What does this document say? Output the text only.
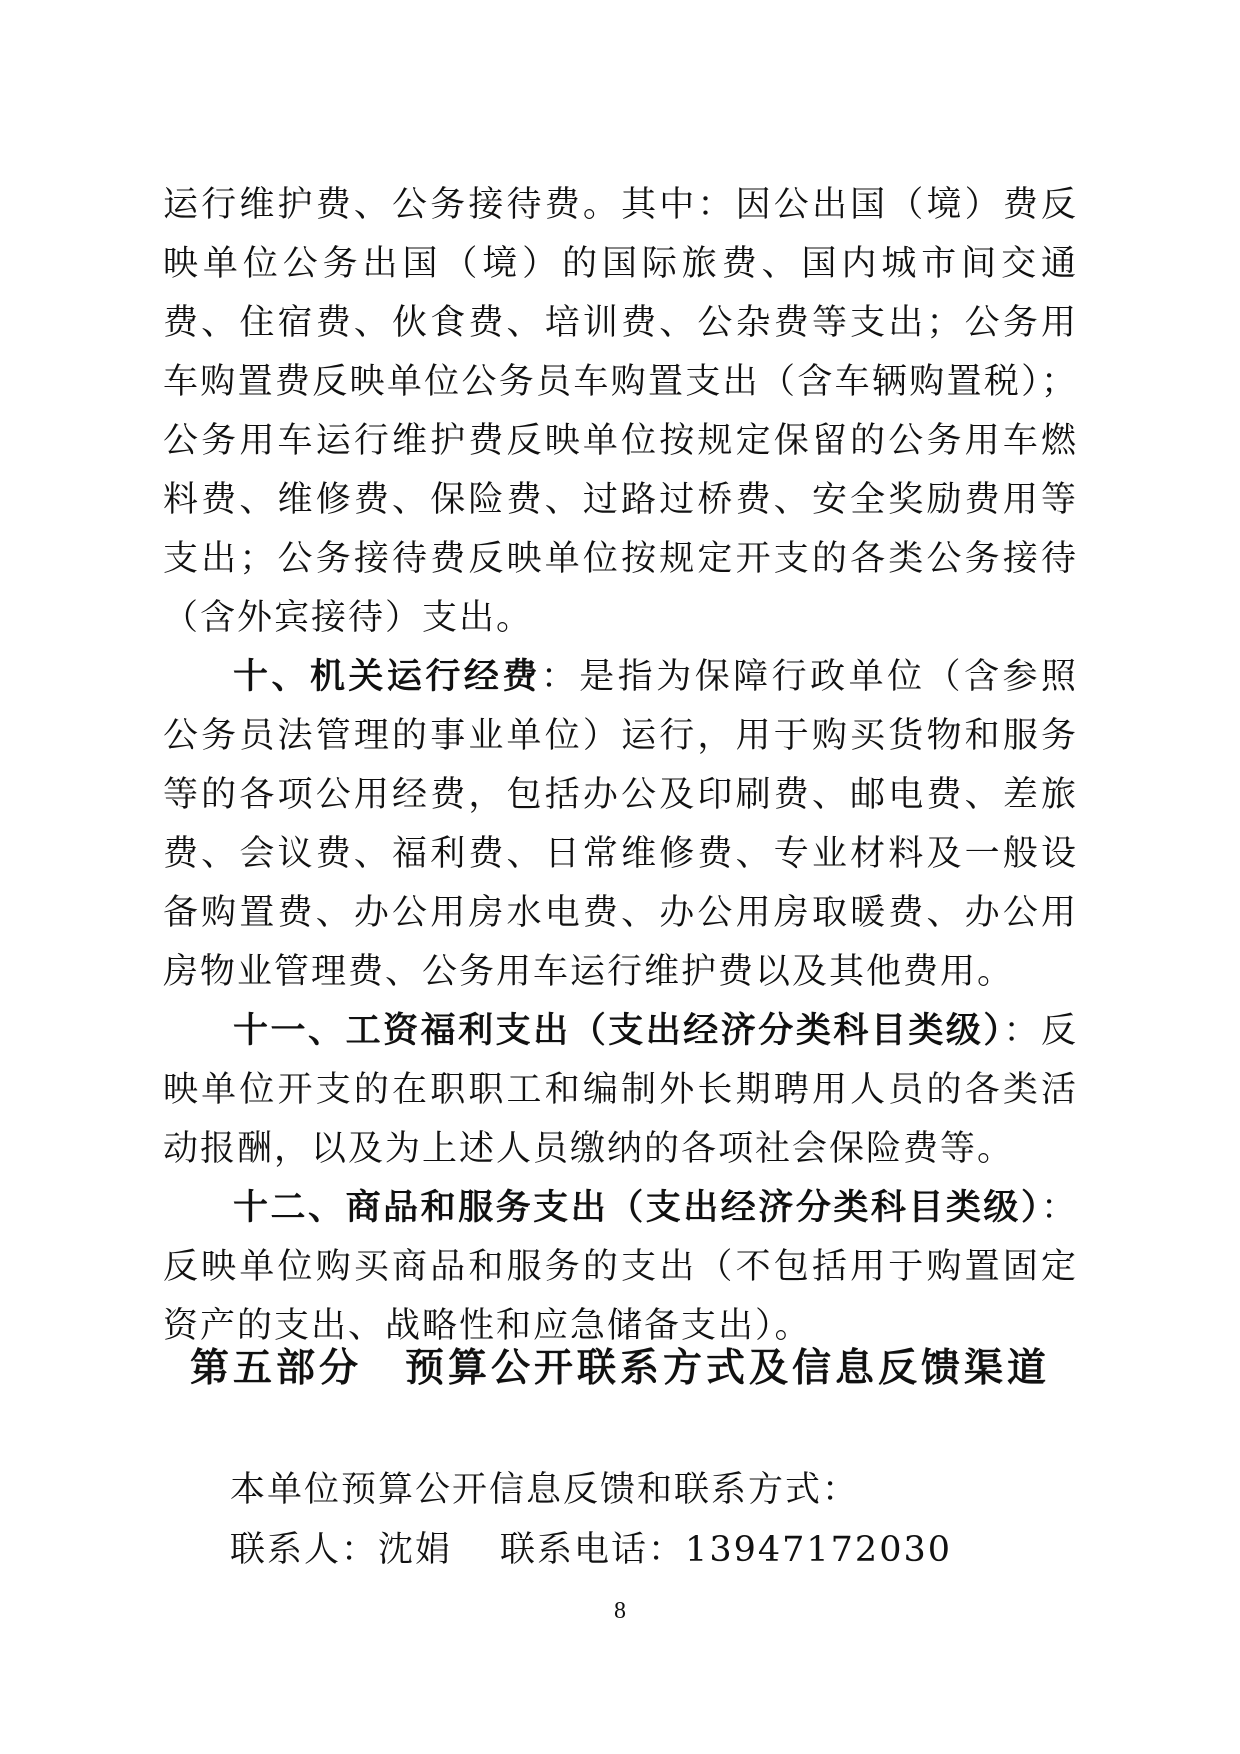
运行维护费、公务接待费。其中：因公出国（境）费反映单位公务出国（境）的国际旅费、国内城市间交通费、住宿费、伙食费、培训费、公杂费等支出；公务用车购置费反映单位公务员车购置支出（含车辆购置税）；公务用车运行维护费反映单位按规定保留的公务用车燃料费、维修费、保险费、过路过桥费、安全奖励费用等支出；公务接待费反映单位按规定开支的各类公务接待（含外宾接待）支出。

十、机关运行经费：是指为保障行政单位（含参照公务员法管理的事业单位）运行，用于购买货物和服务等的各项公用经费，包括办公及印刷费、邮电费、差旅费、会议费、福利费、日常维修费、专业材料及一般设备购置费、办公用房水电费、办公用房取暖费、办公用房物业管理费、公务用车运行维护费以及其他费用。

十一、工资福利支出（支出经济分类科目类级）：反映单位开支的在职职工和编制外长期聘用人员的各类活动报酬，以及为上述人员缴纳的各项社会保险费等。

十二、商品和服务支出（支出经济分类科目类级）：反映单位购买商品和服务的支出（不包括用于购置固定资产的支出、战略性和应急储备支出）。

第五部分　预算公开联系方式及信息反馈渠道
本单位预算公开信息反馈和联系方式：
联系人：沈娟 联系电话：13947172030
8
